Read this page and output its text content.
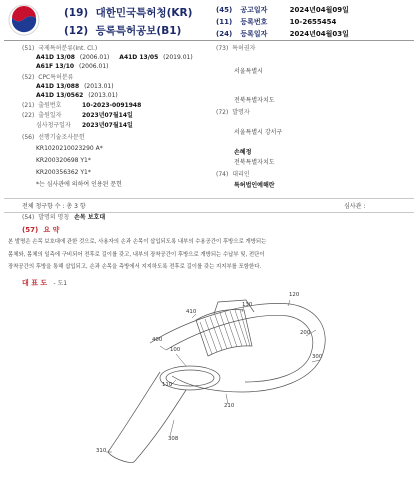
(19) 대한민국특허청(KR)
(12) 등록특허공보(B1)
(45) 공고일자	2024년04월09일
(11) 등록번호	10-2655454
(24) 등록일자	2024년04월03일
(51) 국제특허분류(Int. Cl.)
A41D 13/08 (2006.01) A41D 13/05 (2019.01)
A61F 13/10 (2006.01)
(52) CPC특허분류
A41D 13/088 (2013.01)
A41D 13/0562 (2013.01)
(21) 출원번호	10-2023-0091948
(22) 출원일자	2023년07월14일
심사청구일자 2023년07월14일
(56) 선행기술조사문헌
KR1020210023290 A*
KR200320698 Y1*
KR200356362 Y1*
*는 심사관에 의하여 인용된 문헌
(73) 특허권자
서울특별시
전북특별자치도
(72) 발명자
서울특별시 강서구
손혜정
전북특별자치도
(74) 대리인
특허법인예해란
전체 청구항 수 : 총 3 항	심사관 :
(54) 발명의 명칭 손목 보호대
(57) 요 약
본 발명은 손목 보호대에 관한 것으로, 사용자의 손과 손목이 삽입되도록 내부의 수용공간이 후방으로 개방되는
몸체와, 몸체의 일측에 구비되어 전후로 길이를 갖고, 내부의 장착공간이 후방으로 개방되는 수납부 및, 전단이
장착공간의 후방을 통해 삽입되고, 손과 손목을 측방에서 지지하도록 전후로 길이를 갖는 지지부를 포함한다.
대 표 도 - 도1
120
410
130
400
100
300
110
210
200
308
310
